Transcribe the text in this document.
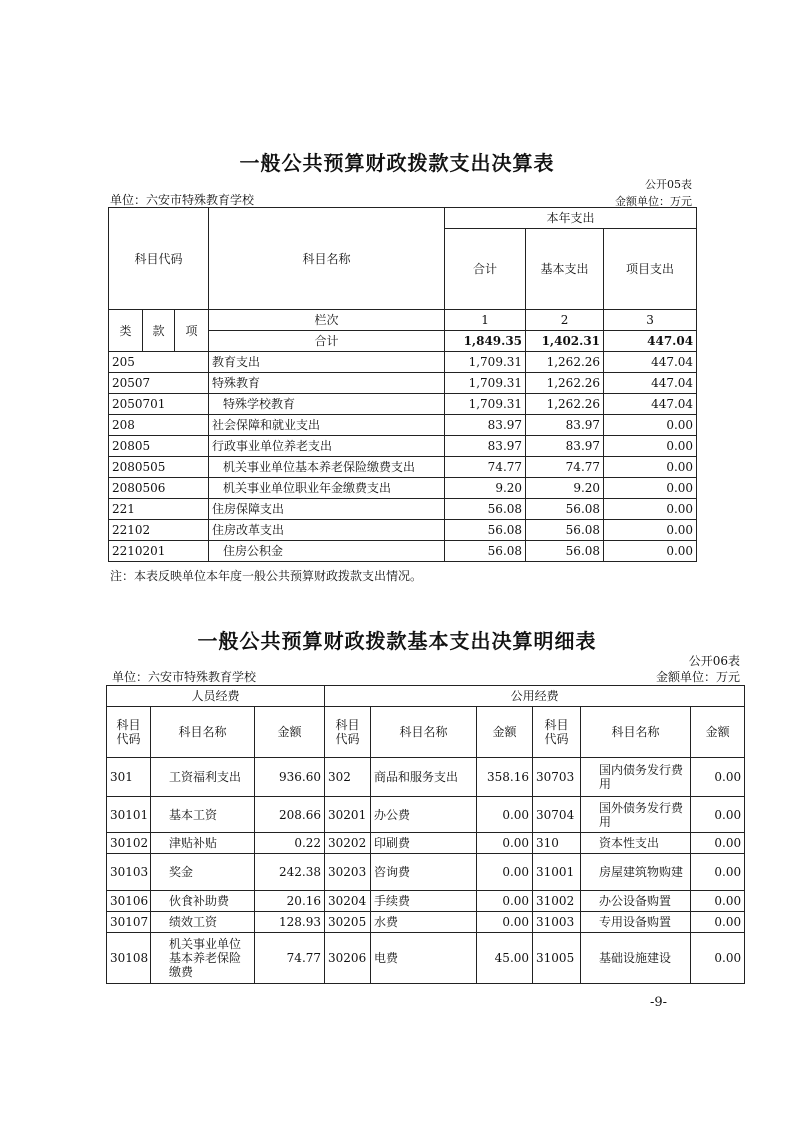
一般公共预算财政拨款支出决算表
公开05表
单位：六安市特殊教育学校	金额单位：万元
科目代码			科目名称	本年支出		
				合计	基本支出	项目支出

类	款	项	栏次	1	2	3
			合计	1,849.35	1,402.31	447.04
205			教育支出	1,709.31	1,262.26	447.04
20507			特殊教育	1,709.31	1,262.26	447.04
2050701			特殊学校教育	1,709.31	1,262.26	447.04
208			社会保障和就业支出	83.97	83.97	0.00
20805			行政事业单位养老支出	83.97	83.97	0.00
2080505			机关事业单位基本养老保险缴费支出	74.77	74.77	0.00
2080506			机关事业单位职业年金缴费支出	9.20	9.20	0.00
221			住房保障支出	56.08	56.08	0.00
22102			住房改革支出	56.08	56.08	0.00
2210201			住房公积金	56.08	56.08	0.00
注：本表反映单位本年度一般公共预算财政拨款支出情况。
一般公共预算财政拨款基本支出决算明细表
公开06表
单位：六安市特殊教育学校	金额单位：万元
人员经费			公用经费					
科目代码	科目名称	金额	科目代码	科目名称	金额	科目代码	科目名称	金额
301	工资福利支出	936.60	302	商品和服务支出	358.16	30703	国内债务发行费用	0.00
30101	基本工资	208.66	30201	办公费	0.00	30704	国外债务发行费用	0.00
30102	津贴补贴	0.22	30202	印刷费	0.00	310	资本性支出	0.00
30103	奖金	242.38	30203	咨询费	0.00	31001	房屋建筑物购建	0.00
30106	伙食补助费	20.16	30204	手续费	0.00	31002	办公设备购置	0.00
30107	绩效工资	128.93	30205	水费	0.00	31003	专用设备购置	0.00
30108	机关事业单位基本养老保险缴费	74.77	30206	电费	45.00	31005	基础设施建设	0.00
-9-
